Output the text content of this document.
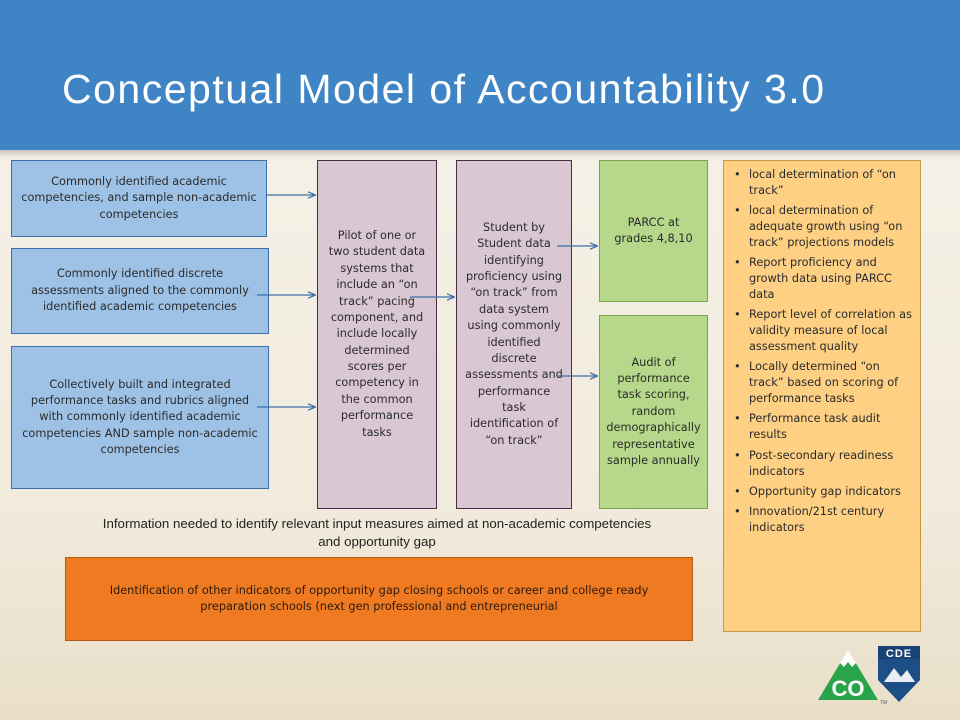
Conceptual Model of Accountability 3.0
Commonly identified academic competencies, and sample non-academic competencies
Commonly identified discrete assessments aligned to the commonly identified academic competencies
Collectively built and integrated performance tasks and rubrics aligned with commonly identified academic competencies AND sample non-academic competencies
Pilot of one or two student data systems that include an “on track” pacing component, and include locally determined scores per competency in the common performance tasks
Student by Student data identifying proficiency using “on track” from data system using commonly identified discrete assessments and performance task identification of “on track”
PARCC at grades 4,8,10
Audit of performance task scoring, random demographically representative sample annually
• local determination of “on track”
• local determination of adequate growth using “on track” projections models
• Report proficiency and growth data using PARCC data
• Report level of correlation as validity measure of local assessment quality
• Locally determined “on track” based on scoring of performance tasks
• Performance task audit results
• Post-secondary readiness indicators
• Opportunity gap indicators
• Innovation/21st century indicators
Information needed to identify relevant input measures aimed at non-academic competencies and opportunity gap
Identification of other indicators of opportunity gap closing schools or career and college ready preparation schools (next gen professional and entrepreneurial
CO
CDE
TM
